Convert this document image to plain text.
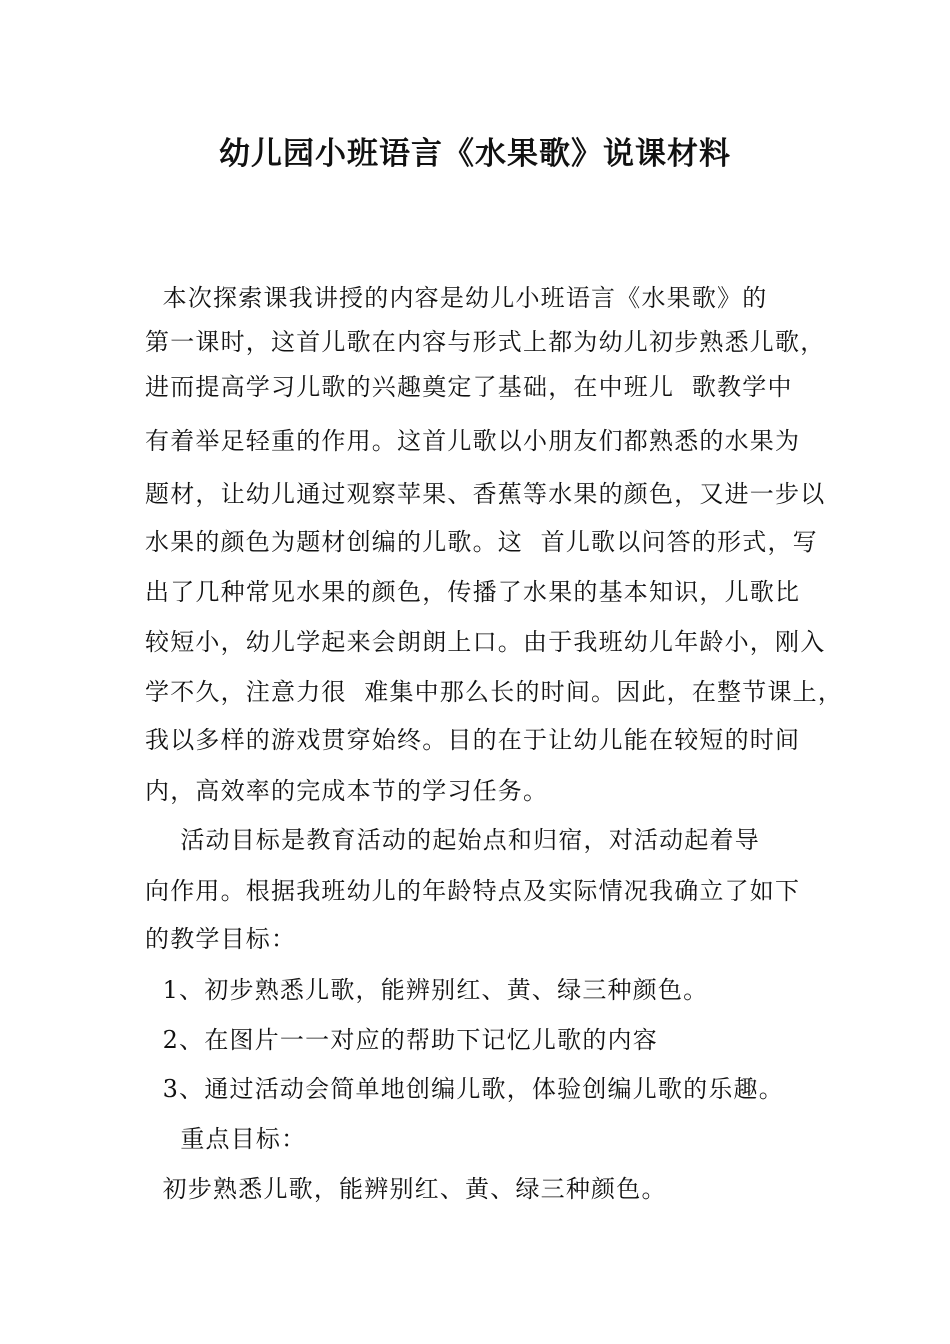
幼儿园小班语言《水果歌》说课材料
本次探索课我讲授的内容是幼儿小班语言《水果歌》的
第一课时，这首儿歌在内容与形式上都为幼儿初步熟悉儿歌，
进而提高学习儿歌的兴趣奠定了基础，在中班儿  歌教学中
有着举足轻重的作用。这首儿歌以小朋友们都熟悉的水果为
题材，让幼儿通过观察苹果、香蕉等水果的颜色，又进一步以
水果的颜色为题材创编的儿歌。这  首儿歌以问答的形式，写
出了几种常见水果的颜色，传播了水果的基本知识，儿歌比
较短小，幼儿学起来会朗朗上口。由于我班幼儿年龄小，刚入
学不久，注意力很  难集中那么长的时间。因此，在整节课上，
我以多样的游戏贯穿始终。目的在于让幼儿能在较短的时间
内，高效率的完成本节的学习任务。
活动目标是教育活动的起始点和归宿，对活动起着导
向作用。根据我班幼儿的年龄特点及实际情况我确立了如下
的教学目标：
1、初步熟悉儿歌，能辨别红、黄、绿三种颜色。
2、在图片一一对应的帮助下记忆儿歌的内容
3、通过活动会简单地创编儿歌，体验创编儿歌的乐趣。
重点目标：
初步熟悉儿歌，能辨别红、黄、绿三种颜色。
